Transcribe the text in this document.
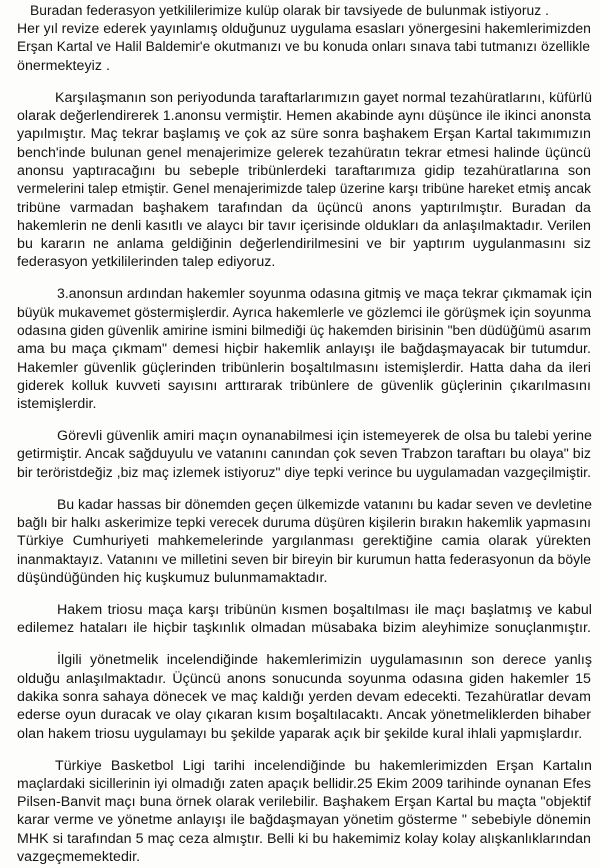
Buradan federasyon yetkililerimize kulüp olarak bir tavsiyede de bulunmak istiyoruz .
Her yıl revize ederek yayınlamış olduğunuz uygulama esasları yönergesini hakemlerimizden
Erşan Kartal ve Halil Baldemir'e okutmanızı ve bu konuda onları sınava tabi tutmanızı özellikle
önermekteyiz .
Karşılaşmanın son periyodunda taraftarlarımızın gayet normal tezahüratlarını, küfürlü
olarak değerlendirerek 1.anonsu vermiştir. Hemen akabinde aynı düşünce ile ikinci anonsta
yapılmıştır. Maç tekrar başlamış ve çok az süre sonra başhakem Erşan Kartal takımımızın
bench'inde bulunan genel menajerimize gelerek tezahüratın tekrar etmesi halinde üçüncü
anonsu yaptıracağını bu sebeple tribünlerdeki taraftarımıza gidip tezahüratlarına son
vermelerini talep etmiştir. Genel menajerimizde talep üzerine karşı tribüne hareket etmiş ancak
tribüne varmadan başhakem tarafından da üçüncü anons yaptırılmıştır. Buradan da
hakemlerin ne denli kasıtlı ve alaycı bir tavır içerisinde oldukları da anlaşılmaktadır. Verilen
bu kararın ne anlama geldiğinin değerlendirilmesini ve bir yaptırım uygulanmasını siz
federasyon yetkililerinden talep ediyoruz.
3.anonsun ardından hakemler soyunma odasına gitmiş ve maça tekrar çıkmamak için
büyük mukavemet göstermişlerdir. Ayrıca hakemlerle ve gözlemci ile görüşmek için soyunma
odasına giden güvenlik amirine ismini bilmediği üç hakemden birisinin "ben düdüğümü asarım
ama bu maça çıkmam" demesi hiçbir hakemlik anlayışı ile bağdaşmayacak bir tutumdur.
Hakemler güvenlik güçlerinden tribünlerin boşaltılmasını istemişlerdir. Hatta daha da ileri
giderek kolluk kuvveti sayısını arttırarak tribünlere de güvenlik güçlerinin çıkarılmasını
istemişlerdir.
Görevli güvenlik amiri maçın oynanabilmesi için istemeyerek de olsa bu talebi yerine
getirmiştir. Ancak sağduyulu ve vatanını canından çok seven Trabzon taraftarı bu olaya" biz
bir teröristdeğiz ,biz maç izlemek istiyoruz" diye tepki verince bu uygulamadan vazgeçilmiştir.
Bu kadar hassas bir dönemden geçen ülkemizde vatanını bu kadar seven ve devletine
bağlı bir halkı askerimize tepki verecek duruma düşüren kişilerin bırakın hakemlik yapmasını
Türkiye Cumhuriyeti mahkemelerinde yargılanması gerektiğine camia olarak yürekten
inanmaktayız. Vatanını ve milletini seven bir bireyin bir kurumun hatta federasyonun da böyle
düşündüğünden hiç kuşkumuz bulunmamaktadır.
Hakem triosu maça karşı tribünün kısmen boşaltılması ile maçı başlatmış ve kabul
edilemez hataları ile hiçbir taşkınlık olmadan müsabaka bizim aleyhimize sonuçlanmıştır.
İlgili yönetmelik incelendiğinde hakemlerimizin uygulamasının son derece yanlış
olduğu anlaşılmaktadır. Üçüncü anons sonucunda soyunma odasına giden hakemler 15
dakika sonra sahaya dönecek ve maç kaldığı yerden devam edecekti. Tezahüratlar devam
ederse oyun duracak ve olay çıkaran kısım boşaltılacaktı. Ancak yönetmeliklerden bihaber
olan hakem triosu uygulamayı bu şekilde yaparak açık bir şekilde kural ihlali yapmışlardır.
Türkiye Basketbol Ligi tarihi incelendiğinde bu hakemlerimizden Erşan Kartalın
maçlardaki sicillerinin iyi olmadığı zaten apaçık bellidir.25 Ekim 2009 tarihinde oynanan Efes
Pilsen-Banvit maçı buna örnek olarak verilebilir. Başhakem Erşan Kartal bu maçta "objektif
karar verme ve yönetme anlayışı ile bağdaşmayan yönetim gösterme " sebebiyle dönemin
MHK si tarafından 5 maç ceza almıştır. Belli ki bu hakemimiz kolay kolay alışkanlıklarından
vazgeçmemektedir.
